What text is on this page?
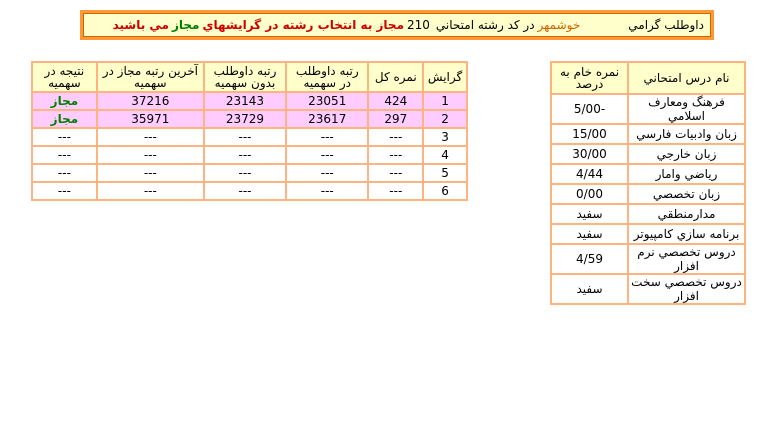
داوطلب گرامي
خوشمهر
در کد رشته امتحاني
210
مجاز به انتخاب رشته در گرايشهاي
مجاز
مي باشيد
نام درس امتحاني	نمره خام به درصد
فرهنگ ومعارف اسلامي	-5/00
زبان وادبيات فارسي	15/00
زبان خارجي	30/00
رياضي وامار	4/44
زبان تخصصي	0/00
مدارمنطقي	سفيد
برنامه سازي كامپيوتر	سفيد
دروس تخصصي نرم افزار	4/59
دروس تخصصي سخت افزار	سفيد
گرايش	نمره کل	رتبه داوطلب در سهميه	رتبه داوطلب بدون سهميه	آخرين رتبه مجاز در سهميه	نتيجه در سهميه
1	424	23051	23143	37216	مجاز
2	297	23617	23729	35971	مجاز
3	---	---	---	---	---
4	---	---	---	---	---
5	---	---	---	---	---
6	---	---	---	---	---
